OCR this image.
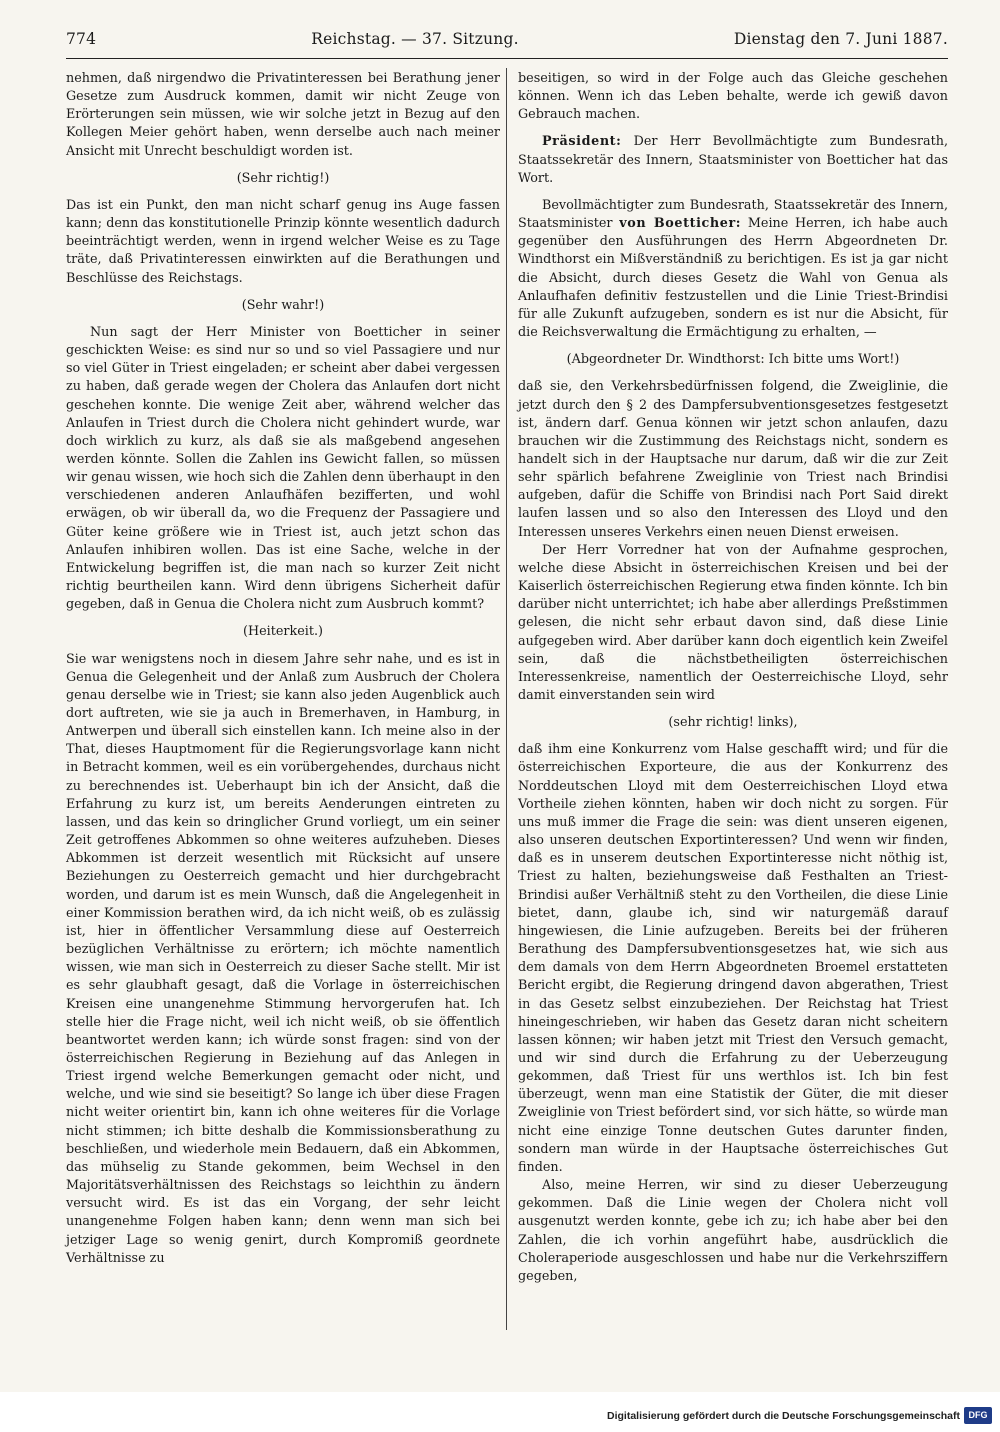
774	Reichstag. — 37. Sitzung.	Dienstag den 7. Juni 1887.

nehmen, daß nirgendwo die Privatinteressen bei Berathung jener Gesetze zum Ausdruck kommen, damit wir nicht Zeuge von Erörterungen sein müssen, wie wir solche jetzt in Bezug auf den Kollegen Meier gehört haben, wenn derselbe auch nach meiner Ansicht mit Unrecht beschuldigt worden ist.

(Sehr richtig!)

Das ist ein Punkt, den man nicht scharf genug ins Auge fassen kann; denn das konstitutionelle Prinzip könnte wesentlich dadurch beeinträchtigt werden, wenn in irgend welcher Weise es zu Tage träte, daß Privatinteressen einwirkten auf die Berathungen und Beschlüsse des Reichstags.

(Sehr wahr!)

Nun sagt der Herr Minister von Boetticher in seiner geschickten Weise: es sind nur so und so viel Passagiere und nur so viel Güter in Triest eingeladen; er scheint aber dabei vergessen zu haben, daß gerade wegen der Cholera das Anlaufen dort nicht geschehen konnte. Die wenige Zeit aber, während welcher das Anlaufen in Triest durch die Cholera nicht gehindert wurde, war doch wirklich zu kurz, als daß sie als maßgebend angesehen werden könnte. Sollen die Zahlen ins Gewicht fallen, so müssen wir genau wissen, wie hoch sich die Zahlen denn überhaupt in den verschiedenen anderen Anlaufhäfen bezifferten, und wohl erwägen, ob wir überall da, wo die Frequenz der Passagiere und Güter keine größere wie in Triest ist, auch jetzt schon das Anlaufen inhibiren wollen. Das ist eine Sache, welche in der Entwickelung begriffen ist, die man nach so kurzer Zeit nicht richtig beurtheilen kann. Wird denn übrigens Sicherheit dafür gegeben, daß in Genua die Cholera nicht zum Ausbruch kommt?

(Heiterkeit.)

Sie war wenigstens noch in diesem Jahre sehr nahe, und es ist in Genua die Gelegenheit und der Anlaß zum Ausbruch der Cholera genau derselbe wie in Triest; sie kann also jeden Augenblick auch dort auftreten, wie sie ja auch in Bremerhaven, in Hamburg, in Antwerpen und überall sich einstellen kann. Ich meine also in der That, dieses Hauptmoment für die Regierungsvorlage kann nicht in Betracht kommen, weil es ein vorübergehendes, durchaus nicht zu berechnendes ist. Ueberhaupt bin ich der Ansicht, daß die Erfahrung zu kurz ist, um bereits Aenderungen eintreten zu lassen, und das kein so dringlicher Grund vorliegt, um ein seiner Zeit getroffenes Abkommen so ohne weiteres aufzuheben. Dieses Abkommen ist derzeit wesentlich mit Rücksicht auf unsere Beziehungen zu Oesterreich gemacht und hier durchgebracht worden, und darum ist es mein Wunsch, daß die Angelegenheit in einer Kommission berathen wird, da ich nicht weiß, ob es zulässig ist, hier in öffentlicher Versammlung diese auf Oesterreich bezüglichen Verhältnisse zu erörtern; ich möchte namentlich wissen, wie man sich in Oesterreich zu dieser Sache stellt. Mir ist es sehr glaubhaft gesagt, daß die Vorlage in österreichischen Kreisen eine unangenehme Stimmung hervorgerufen hat. Ich stelle hier die Frage nicht, weil ich nicht weiß, ob sie öffentlich beantwortet werden kann; ich würde sonst fragen: sind von der österreichischen Regierung in Beziehung auf das Anlegen in Triest irgend welche Bemerkungen gemacht oder nicht, und welche, und wie sind sie beseitigt? So lange ich über diese Fragen nicht weiter orientirt bin, kann ich ohne weiteres für die Vorlage nicht stimmen; ich bitte deshalb die Kommissionsberathung zu beschließen, und wiederhole mein Bedauern, daß ein Abkommen, das mühselig zu Stande gekommen, beim Wechsel in den Majoritätsverhältnissen des Reichstags so leichthin zu ändern versucht wird. Es ist das ein Vorgang, der sehr leicht unangenehme Folgen haben kann; denn wenn man sich bei jetziger Lage so wenig genirt, durch Kompromiß geordnete Verhältnisse zu

beseitigen, so wird in der Folge auch das Gleiche geschehen können. Wenn ich das Leben behalte, werde ich gewiß davon Gebrauch machen.

Präsident: Der Herr Bevollmächtigte zum Bundesrath, Staatssekretär des Innern, Staatsminister von Boetticher hat das Wort.

Bevollmächtigter zum Bundesrath, Staatssekretär des Innern, Staatsminister von Boetticher: Meine Herren, ich habe auch gegenüber den Ausführungen des Herrn Abgeordneten Dr. Windthorst ein Mißverständniß zu berichtigen. Es ist ja gar nicht die Absicht, durch dieses Gesetz die Wahl von Genua als Anlaufhafen definitiv festzustellen und die Linie Triest-Brindisi für alle Zukunft aufzugeben, sondern es ist nur die Absicht, für die Reichsverwaltung die Ermächtigung zu erhalten, —

(Abgeordneter Dr. Windthorst: Ich bitte ums Wort!)

daß sie, den Verkehrsbedürfnissen folgend, die Zweiglinie, die jetzt durch den § 2 des Dampfersubventionsgesetzes festgesetzt ist, ändern darf. Genua können wir jetzt schon anlaufen, dazu brauchen wir die Zustimmung des Reichstags nicht, sondern es handelt sich in der Hauptsache nur darum, daß wir die zur Zeit sehr spärlich befahrene Zweiglinie von Triest nach Brindisi aufgeben, dafür die Schiffe von Brindisi nach Port Said direkt laufen lassen und so also den Interessen des Lloyd und den Interessen unseres Verkehrs einen neuen Dienst erweisen.

Der Herr Vorredner hat von der Aufnahme gesprochen, welche diese Absicht in österreichischen Kreisen und bei der Kaiserlich österreichischen Regierung etwa finden könnte. Ich bin darüber nicht unterrichtet; ich habe aber allerdings Preßstimmen gelesen, die nicht sehr erbaut davon sind, daß diese Linie aufgegeben wird. Aber darüber kann doch eigentlich kein Zweifel sein, daß die nächstbetheiligten österreichischen Interessenkreise, namentlich der Oesterreichische Lloyd, sehr damit einverstanden sein wird

(sehr richtig! links),

daß ihm eine Konkurrenz vom Halse geschafft wird; und für die österreichischen Exporteure, die aus der Konkurrenz des Norddeutschen Lloyd mit dem Oesterreichischen Lloyd etwa Vortheile ziehen könnten, haben wir doch nicht zu sorgen. Für uns muß immer die Frage die sein: was dient unseren eigenen, also unseren deutschen Exportinteressen? Und wenn wir finden, daß es in unserem deutschen Exportinteresse nicht nöthig ist, Triest zu halten, beziehungsweise daß Festhalten an Triest-Brindisi außer Verhältniß steht zu den Vortheilen, die diese Linie bietet, dann, glaube ich, sind wir naturgemäß darauf hingewiesen, die Linie aufzugeben. Bereits bei der früheren Berathung des Dampfersubventionsgesetzes hat, wie sich aus dem damals von dem Herrn Abgeordneten Broemel erstatteten Bericht ergibt, die Regierung dringend davon abgerathen, Triest in das Gesetz selbst einzubeziehen. Der Reichstag hat Triest hineingeschrieben, wir haben das Gesetz daran nicht scheitern lassen können; wir haben jetzt mit Triest den Versuch gemacht, und wir sind durch die Erfahrung zu der Ueberzeugung gekommen, daß Triest für uns werthlos ist. Ich bin fest überzeugt, wenn man eine Statistik der Güter, die mit dieser Zweiglinie von Triest befördert sind, vor sich hätte, so würde man nicht eine einzige Tonne deutschen Gutes darunter finden, sondern man würde in der Hauptsache österreichisches Gut finden.

Also, meine Herren, wir sind zu dieser Ueberzeugung gekommen. Daß die Linie wegen der Cholera nicht voll ausgenutzt werden konnte, gebe ich zu; ich habe aber bei den Zahlen, die ich vorhin angeführt habe, ausdrücklich die Choleraperiode ausgeschlossen und habe nur die Verkehrsziffern gegeben,

Digitalisierung gefördert durch die Deutsche Forschungsgemeinschaft DFG
